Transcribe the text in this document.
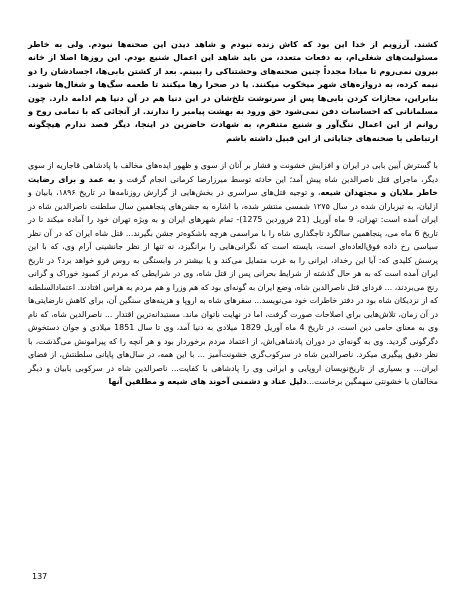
کشند. آرزویم از خدا این بود که کاش زنده نبودم و شاهد دیدن این صحنه‌ها نبودم. ولی به خاطر مسئولیت‌های شغلی‌ام، به دفعات متعدد، من باید شاهد این اعمال شنیع بودم. این روزها اصلا از خانه بیرون نمی‌روم تا مبادا مجدداً چنین صحنه‌های وحشتناکی را ببینم. بعد از کشتن بابی‌ها، اجسادشان را دو نیمه کرده، به دروازه‌های شهر میخکوب میکنند. یا در صحرا رها میکنند تا طعمه سگ‌ها و شغال‌ها شوند. بنابراین، مجازات کردن بابی‌ها پس از سرنوشت تلخ‌شان در این دنیا هم در آن دنیا هم ادامه دارد. چون مسلمانانی که احساسات دفن نمی‌شود حق ورود به بهشت پیامبر را ندارند. از آنجائی که با تمامی روح و روانم از این اعمال ننگ‌آور و شنیع متنفرم، به شهادت حاضرین در اینجا، دیگر قصد ندارم هیچگونه ارتباطی با صحنه‌های جنایاتی از این قبیل داشته باشم

با گسترش آیین بابی در ایران و افزایش خشونت و فشار بر آنان از سوی و ظهور ایده‌های مخالف با پادشاهی قاجاریه از سوی دیگر، ماجرای قتل ناصرالدین شاه پیش آمد؛ این حادثه توسط میرزارضا کرمانی انجام گرفت و به عمد و برای رضایت خاطر ملایان و مجتهدان شیعه، و توجیه قتل‌های سراسری در بخش‌هایی از گزارش روزنامه‌ها در تاریخ ۱۸۹۶، بابیان و ازلیان، به تیرباران شده در سال ۱۲۷۵ شمسی منتشر شده، با اشاره به جشن‌های پنجاهمین سال سلطنت ناصرالدین شاه در ایران آمده است: تهران، 9 ماه آوریل (21 فروردین 1275)- تمام شهرهای ایران و به ویژه تهران خود را آماده میکند تا در تاریخ 6 ماه می، پنجاهمین سالگرد تاجگذاری شاه را با مراسمی هرچه باشکوه‌تر جشن بگیرند... قتل شاه ایران که در آن نظر سیاسی رخ داده فوق‌العاده‌ای است، بایسته است که نگرانی‌هایی را برانگیزد، نه تنها از نظر جانشینی آرام وی، که با این پرسش کلیدی که: آیا این رخداد، ایرانی را به غرب متمایل می‌کند و یا بیشتر در وابستگی به روس فرو خواهد برد؟ در تاریخ ایران آمده است که به هر حال گذشته از شرایط بحرانی پس از قتل شاه، وی در شرایطی که مردم از کمبود خوراک و گرانی رنج می‌بردند، ... فردای قتل ناصرالدین شاه، وضع ایران به گونه‌ای بود که هم وزرا و هم مردم به هراس افتادند. اعتمادالسلطنه که از نزدیکان شاه بود در دفتر خاطرات خود می‌نویسد... سفرهای شاه به اروپا و هزینه‌های سنگین آن، برای کاهش نارضایتی‌ها در آن زمان، تلاش‌هایی برای اصلاحات صورت گرفت، اما در نهایت ناتوان ماند. مستبدانه‌ترین اقتدار ... ناصرالدین شاه، که نام وی به معنای حامی دین است، در تاریخ 4 ماه آوریل 1829 میلادی به دنیا آمد، وی تا سال 1851 میلادی و جوان دستخوش دگرگونی گردید. وی به گونه‌ای در دوران پادشاهی‌اش، از اعتماد مردم برخوردار بود و هر آنچه را که پیرامونش می‌گذشت، با نظر دقیق پیگیری میکرد. ناصرالدین شاه در سرکوب‌گری خشونت‌آمیز ... با این همه، در سال‌های پایانی سلطنتش، از فضای ایران... و بسیاری از تاریخ‌نویسان اروپایی و ایرانی وی را پادشاهی با کفایت... ناصرالدین شاه در سرکوبی بابیان و دیگر مخالفان با خشونتی سهمگین برخاست...دلیل عناد و دشمنی آخوند های شیعه و مطلقین آنها

137
